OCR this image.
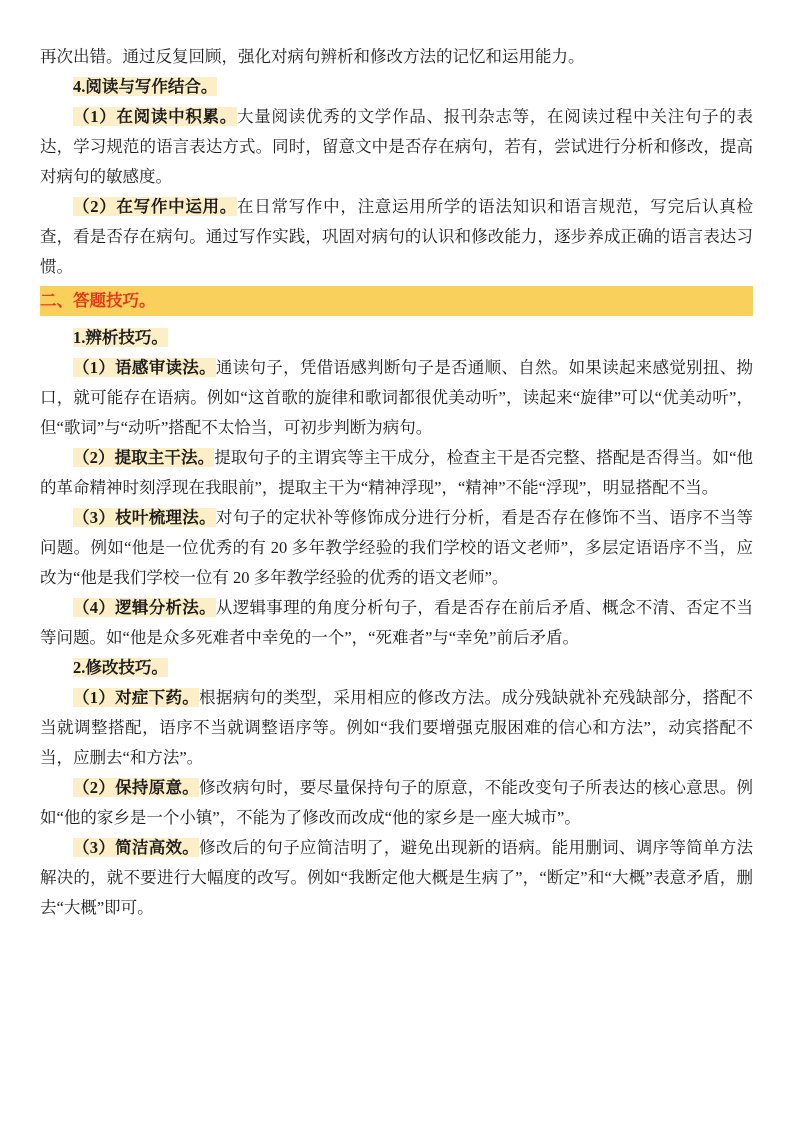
再次出错。通过反复回顾，强化对病句辨析和修改方法的记忆和运用能力。

4.阅读与写作结合。

（1）在阅读中积累。大量阅读优秀的文学作品、报刊杂志等，在阅读过程中关注句子的表达，学习规范的语言表达方式。同时，留意文中是否存在病句，若有，尝试进行分析和修改，提高对病句的敏感度。

（2）在写作中运用。在日常写作中，注意运用所学的语法知识和语言规范，写完后认真检查，看是否存在病句。通过写作实践，巩固对病句的认识和修改能力，逐步养成正确的语言表达习惯。

二、答题技巧。

1.辨析技巧。

（1）语感审读法。通读句子，凭借语感判断句子是否通顺、自然。如果读起来感觉别扭、拗口，就可能存在语病。例如“这首歌的旋律和歌词都很优美动听”，读起来“旋律”可以“优美动听”，但“歌词”与“动听”搭配不太恰当，可初步判断为病句。

（2）提取主干法。提取句子的主谓宾等主干成分，检查主干是否完整、搭配是否得当。如“他的革命精神时刻浮现在我眼前”，提取主干为“精神浮现”，“精神”不能“浮现”，明显搭配不当。

（3）枝叶梳理法。对句子的定状补等修饰成分进行分析，看是否存在修饰不当、语序不当等问题。例如“他是一位优秀的有 20 多年教学经验的我们学校的语文老师”，多层定语语序不当，应改为“他是我们学校一位有 20 多年教学经验的优秀的语文老师”。

（4）逻辑分析法。从逻辑事理的角度分析句子，看是否存在前后矛盾、概念不清、否定不当等问题。如“他是众多死难者中幸免的一个”，“死难者”与“幸免”前后矛盾。

2.修改技巧。

（1）对症下药。根据病句的类型，采用相应的修改方法。成分残缺就补充残缺部分，搭配不当就调整搭配，语序不当就调整语序等。例如“我们要增强克服困难的信心和方法”，动宾搭配不当，应删去“和方法”。

（2）保持原意。修改病句时，要尽量保持句子的原意，不能改变句子所表达的核心意思。例如“他的家乡是一个小镇”，不能为了修改而改成“他的家乡是一座大城市”。

（3）简洁高效。修改后的句子应简洁明了，避免出现新的语病。能用删词、调序等简单方法解决的，就不要进行大幅度的改写。例如“我断定他大概是生病了”，“断定”和“大概”表意矛盾，删去“大概”即可。
